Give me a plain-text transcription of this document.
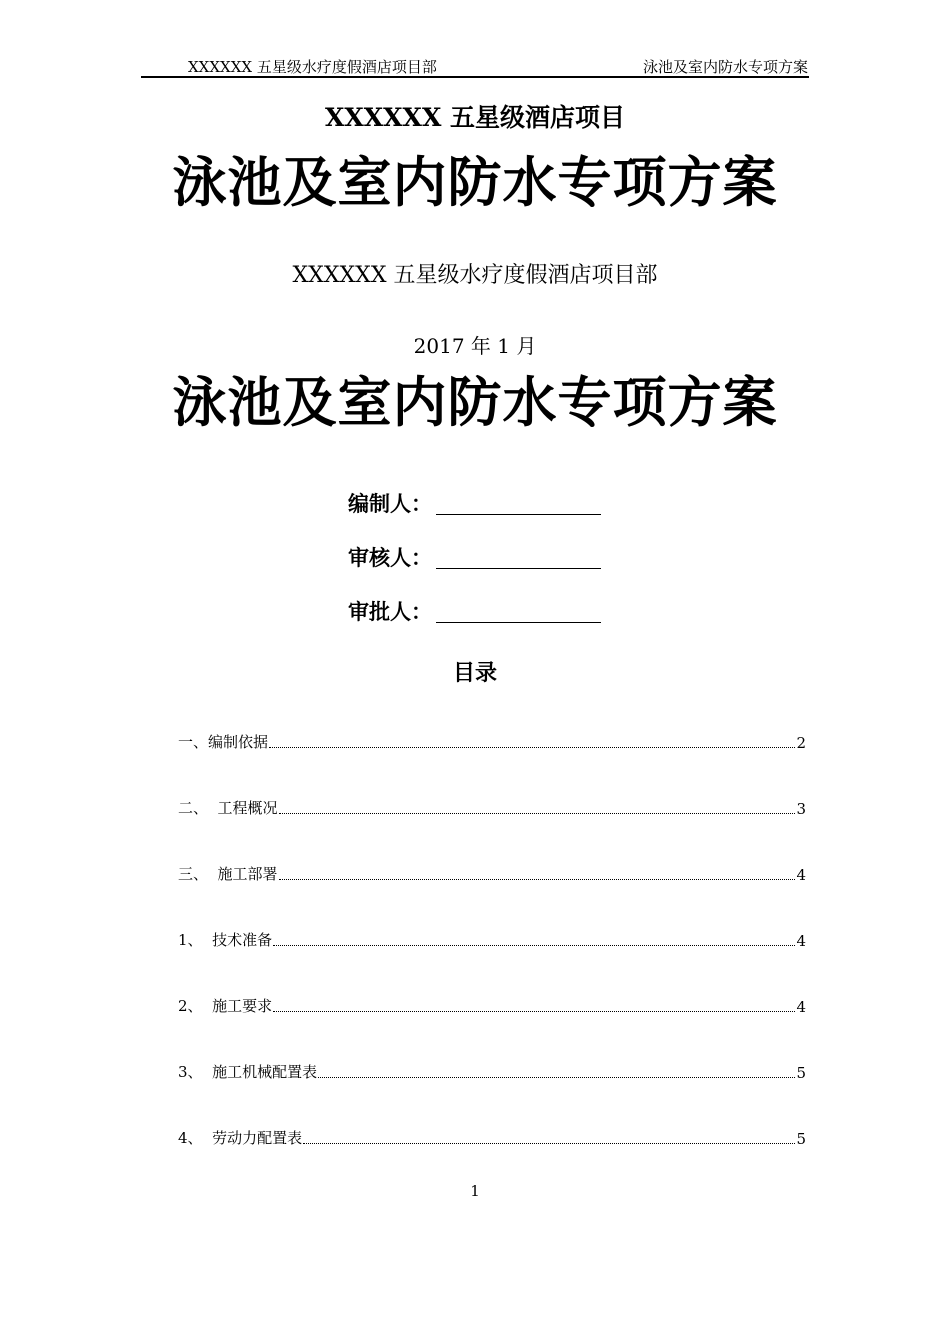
XXXXXX 五星级水疗度假酒店项目部	泳池及室内防水专项方案
XXXXXX 五星级酒店项目
泳池及室内防水专项方案
XXXXXX 五星级水疗度假酒店项目部
2017 年 1 月
泳池及室内防水专项方案
编制人：
审核人：
审批人：
目录
一、 编制依据	2
二、 工程概况	3
三、 施工部署	4
1、 技术准备	4
2、 施工要求	4
3、 施工机械配置表	5
4、 劳动力配置表	5
1
